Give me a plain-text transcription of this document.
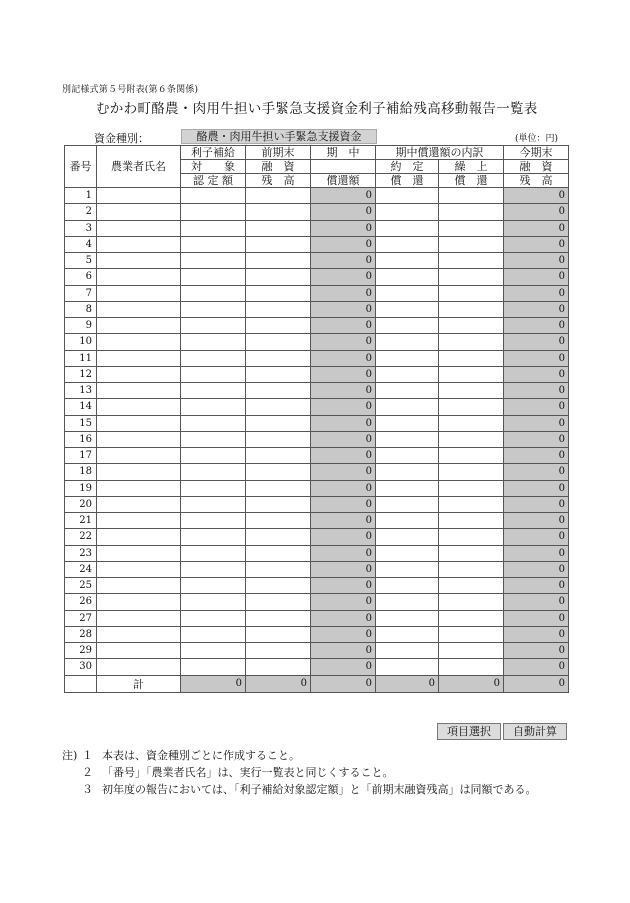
別記様式第５号附表(第６条関係)
むかわ町酪農・肉用牛担い手緊急支援資金利子補給残高移動報告一覧表
資金種別：	酪農・肉用牛担い手緊急支援資金	(単位：円)
番号	農業者氏名	利子補給	前期末	期　中	期中償還額の内訳		今期末
		対　　象	融　資		約　定	繰　上	融　資
		認 定 額	残　高	償還額	償　還	償　還	残　高
1				0			0
2				0			0
3				0			0
4				0			0
5				0			0
6				0			0
7				0			0
8				0			0
9				0			0
10				0			0
11				0			0
12				0			0
13				0			0
14				0			0
15				0			0
16				0			0
17				0			0
18				0			0
19				0			0
20				0			0
21				0			0
22				0			0
23				0			0
24				0			0
25				0			0
26				0			0
27				0			0
28				0			0
29				0			0
30				0			0
	計	0	0	0	0	0	0
項目選択	自動計算
注) １ 本表は、資金種別ごとに作成すること。
２ 「番号」「農業者氏名」は、実行一覧表と同じくすること。
３ 初年度の報告においては、「利子補給対象認定額」と「前期末融資残高」は同額である。
